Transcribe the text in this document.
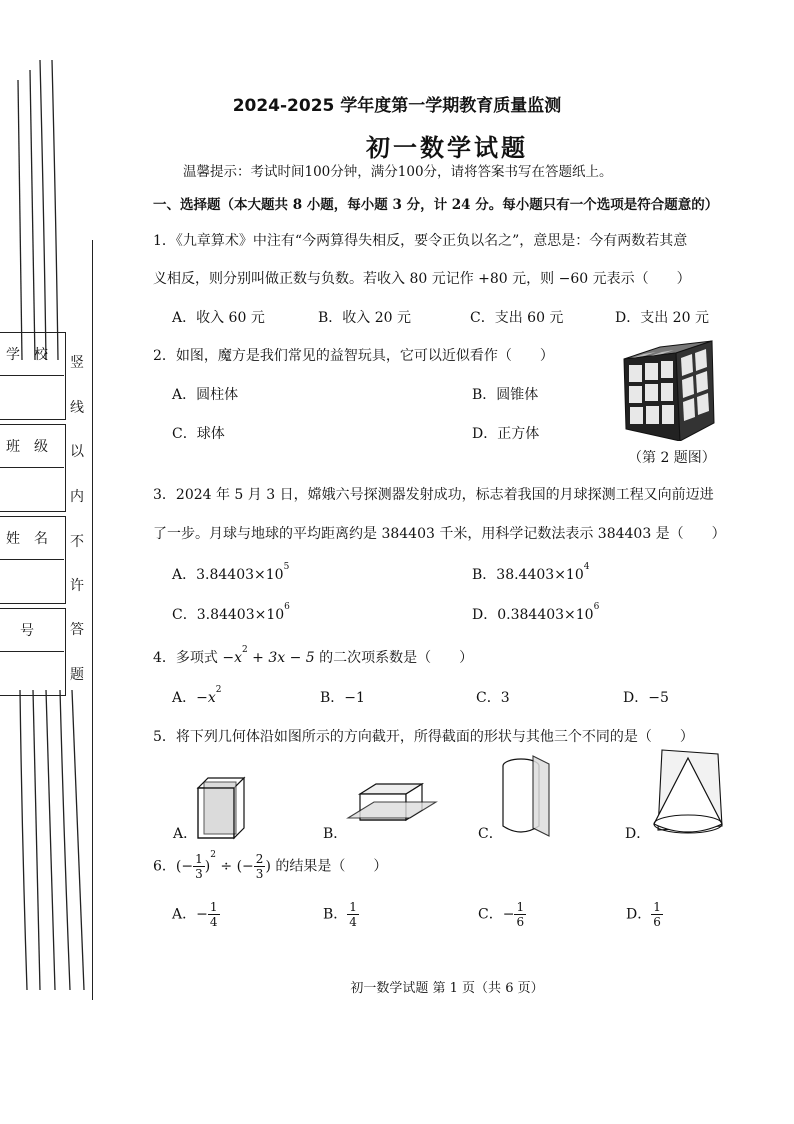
学　校
班　级
姓　名
　号
竖
线
以
内
不
许
答
题
2024-2025 学年度第一学期教育质量监测
初一数学试题
温馨提示：考试时间100分钟，满分100分，请将答案书写在答题纸上。
一、选择题（本大题共 8 小题，每小题 3 分，计 24 分。每小题只有一个选项是符合题意的）
1．《九章算术》中注有“今两算得失相反，要令正负以名之”，意思是：今有两数若其意
义相反，则分别叫做正数与负数。若收入 80 元记作 +80 元，则 −60 元表示（　　）
A．收入 60 元	B．收入 20 元	C．支出 60 元	D．支出 20 元
2．如图，魔方是我们常见的益智玩具，它可以近似看作（　　）
A．圆柱体	B．圆锥体
C．球体	D．正方体
（第 2 题图）
3．2024 年 5 月 3 日，嫦娥六号探测器发射成功，标志着我国的月球探测工程又向前迈进
了一步。月球与地球的平均距离约是 384403 千米，用科学记数法表示 384403 是（　　）
A．$3.84403\times 10^5$	B．$38.4403\times 10^4$
C．$3.84403\times 10^6$	D．$0.384403\times 10^6$
4．多项式 $-x^2 + 3x - 5$ 的二次项系数是（　　）
A．$-x^2$	B．−1	C．3	D．−5
5．将下列几何体沿如图所示的方向截开，所得截面的形状与其他三个不同的是（　　）
A．	B．	C．	D．
6．(− $\frac{1}{3} )^2$ ÷ (− $\frac{2}{3}$ ) 的结果是（　　）
A．− $\frac{1}{4}$	B． $\frac{1}{4}$	C．− $\frac{1}{6}$	D． $\frac{1}{6}$
初一数学试题 第 1 页（共 6 页）
